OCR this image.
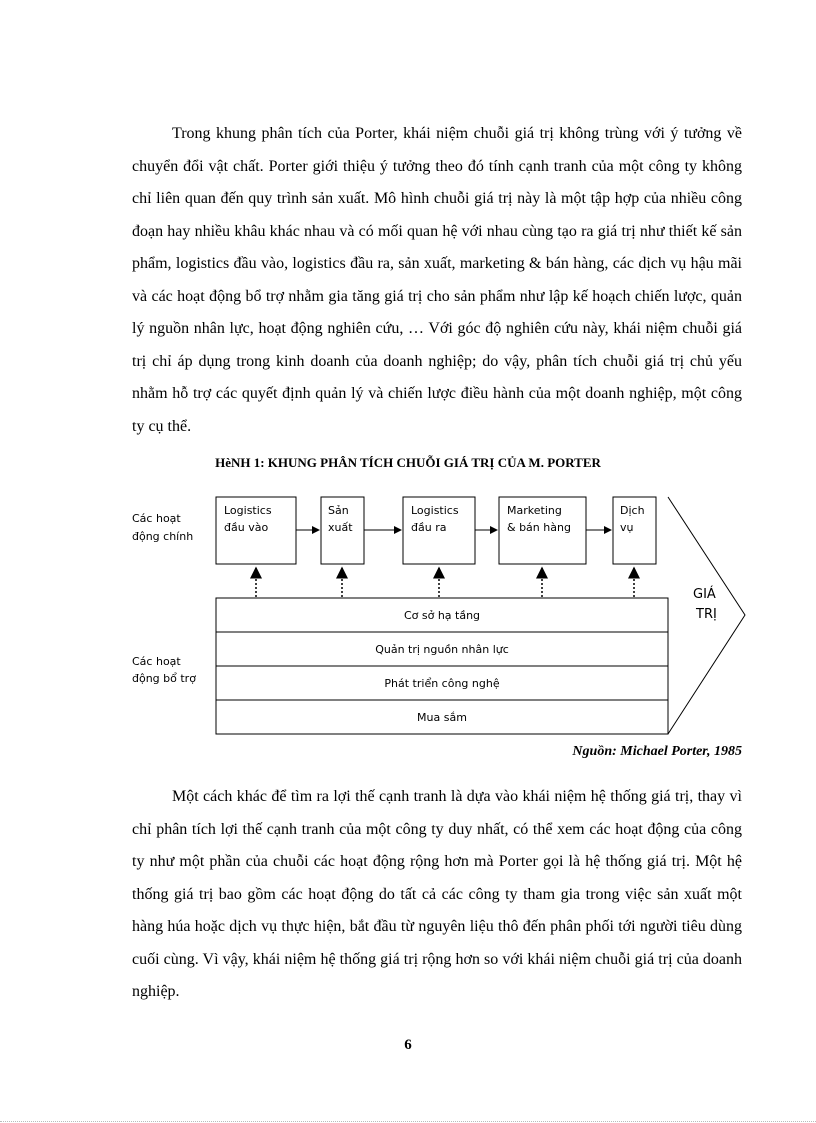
Trong khung phân tích của Porter, khái niệm chuỗi giá trị không trùng với ý tưởng về chuyển đổi vật chất. Porter giới thiệu ý tưởng theo đó tính cạnh tranh của một công ty không chỉ liên quan đến quy trình sản xuất. Mô hình chuỗi giá trị này là một tập hợp của nhiều công đoạn hay nhiều khâu khác nhau và có mối quan hệ với nhau cùng tạo ra giá trị như thiết kế sản phẩm, logistics đầu vào, logistics đầu ra, sản xuất, marketing & bán hàng, các dịch vụ hậu mãi và các hoạt động bổ trợ nhằm gia tăng giá trị cho sản phẩm như lập kế hoạch chiến lược, quản lý nguồn nhân lực, hoạt động nghiên cứu, … Với góc độ nghiên cứu này, khái niệm chuỗi giá trị chỉ áp dụng trong kinh doanh của doanh nghiệp; do vậy, phân tích chuỗi giá trị chủ yếu nhằm hỗ trợ các quyết định quản lý và chiến lược điều hành của một doanh nghiệp, một công ty cụ thể.

HèNH 1: KHUNG PHÂN TÍCH CHUỖI GIÁ TRỊ CỦA M. PORTER
GIÁ
TRỊ
Các hoạt
động chính
Các hoạt
động bổ trợ
Logistics
đầu vào
Sản
xuất
Logistics
đầu ra
Marketing
& bán hàng
Dịch
vụ
Cơ sở hạ tầng
Quản trị nguồn nhân lực
Phát triển công nghệ
Mua sắm
Nguồn: Michael Porter, 1985

Một cách khác để tìm ra lợi thế cạnh tranh là dựa vào khái niệm hệ thống giá trị, thay vì chỉ phân tích lợi thế cạnh tranh của một công ty duy nhất, có thể xem các hoạt động của công ty như một phần của chuỗi các hoạt động rộng hơn mà Porter gọi là hệ thống giá trị. Một hệ thống giá trị bao gồm các hoạt động do tất cả các công ty tham gia trong việc sản xuất một hàng húa hoặc dịch vụ thực hiện, bắt đầu từ nguyên liệu thô đến phân phối tới người tiêu dùng cuối cùng. Vì vậy, khái niệm hệ thống giá trị rộng hơn so với khái niệm chuỗi giá trị của doanh nghiệp.

6
